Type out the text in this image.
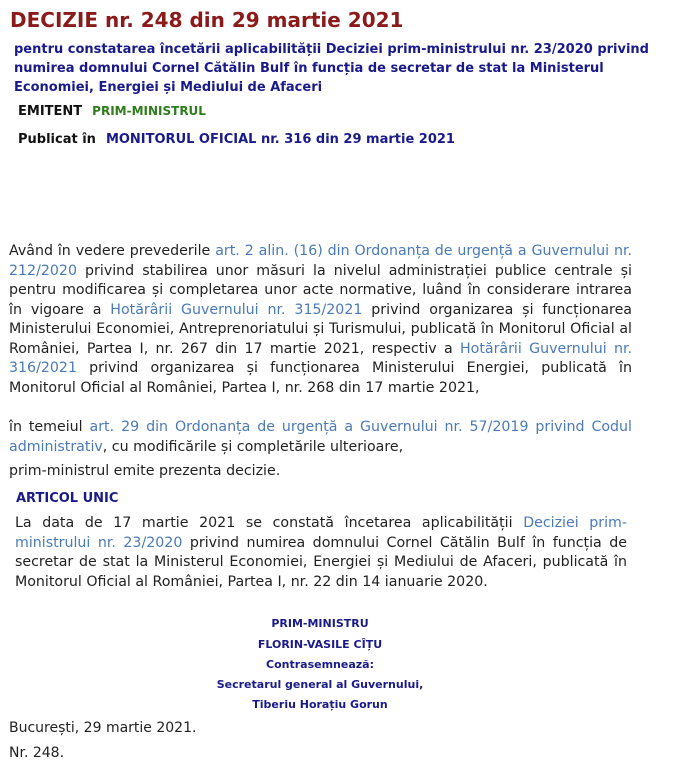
DECIZIE nr. 248 din 29 martie 2021
pentru constatarea încetării aplicabilității Deciziei prim-ministrului nr. 23/2020 privind numirea domnului Cornel Cătălin Bulf în funcția de secretar de stat la Ministerul Economiei, Energiei și Mediului de Afaceri
EMITENT PRIM-MINISTRUL
Publicat în MONITORUL OFICIAL nr. 316 din 29 martie 2021
Având în vedere prevederile art. 2 alin. (16) din Ordonanța de urgență a Guvernului nr. 212/2020 privind stabilirea unor măsuri la nivelul administrației publice centrale și pentru modificarea și completarea unor acte normative, luând în considerare intrarea în vigoare a Hotărârii Guvernului nr. 315/2021 privind organizarea și funcționarea Ministerului Economiei, Antreprenoriatului și Turismului, publicată în Monitorul Oficial al României, Partea I, nr. 267 din 17 martie 2021, respectiv a Hotărârii Guvernului nr. 316/2021 privind organizarea și funcționarea Ministerului Energiei, publicată în Monitorul Oficial al României, Partea I, nr. 268 din 17 martie 2021,
în temeiul art. 29 din Ordonanța de urgență a Guvernului nr. 57/2019 privind Codul administrativ, cu modificările și completările ulterioare,
prim-ministrul emite prezenta decizie.
ARTICOL UNIC
La data de 17 martie 2021 se constată încetarea aplicabilității Deciziei prim-ministrului nr. 23/2020 privind numirea domnului Cornel Cătălin Bulf în funcția de secretar de stat la Ministerul Economiei, Energiei și Mediului de Afaceri, publicată în Monitorul Oficial al României, Partea I, nr. 22 din 14 ianuarie 2020.
PRIM-MINISTRU
FLORIN-VASILE CÎȚU
Contrasemnează:
Secretarul general al Guvernului,
Tiberiu Horațiu Gorun
București, 29 martie 2021.
Nr. 248.
